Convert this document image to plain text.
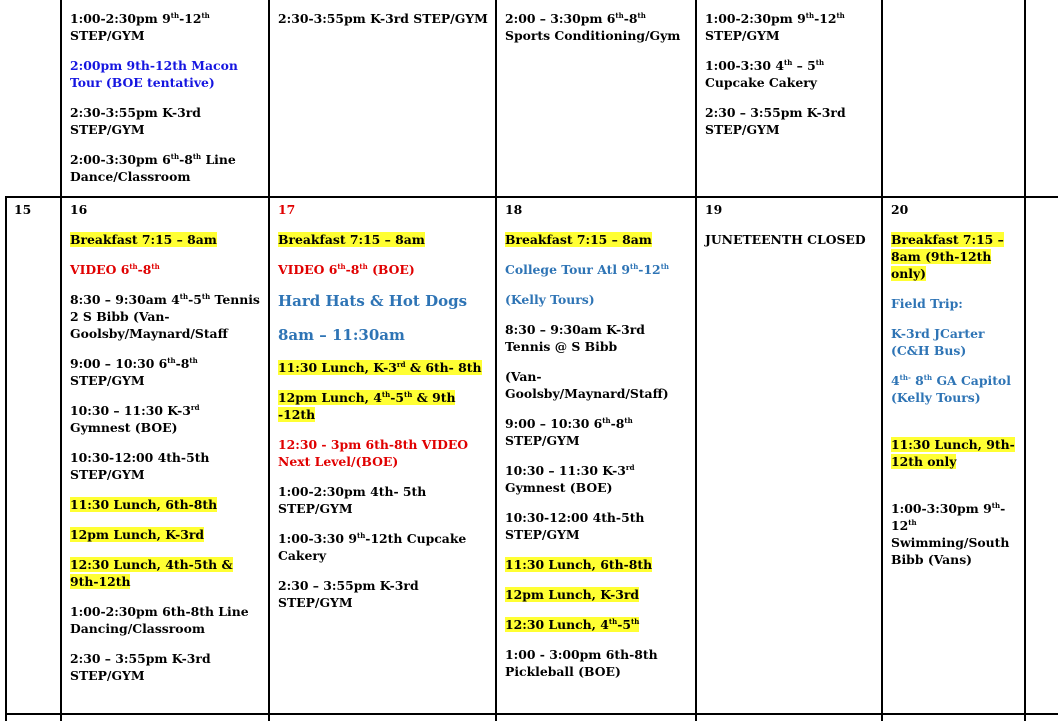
1:00-2:30pm 9th-12th STEP/GYM

2:00pm 9th-12th Macon Tour (BOE tentative)

2:30-3:55pm K-3rd STEP/GYM

2:00-3:30pm 6th-8th Line Dance/Classroom

2:30-3:55pm K-3rd STEP/GYM 2:00 – 3:30pm 6th-8th Sports Conditioning/Gym

1:00-2:30pm 9th-12th STEP/GYM

1:00-3:30 4th – 5th Cupcake Cakery

2:30 – 3:55pm K-3rd STEP/GYM

15	16

Breakfast 7:15 – 8am

VIDEO 6th-8th

8:30 – 9:30am 4th-5th Tennis 2 S Bibb (Van-Goolsby/Maynard/Staff

9:00 – 10:30 6th-8th STEP/GYM

10:30 – 11:30 K-3rd Gymnest (BOE)

10:30-12:00 4th-5th STEP/GYM

11:30 Lunch, 6th-8th

12pm Lunch, K-3rd

12:30 Lunch, 4th-5th & 9th-12th

1:00-2:30pm 6th-8th Line Dancing/Classroom

2:30 – 3:55pm K-3rd STEP/GYM

17

Breakfast 7:15 – 8am

VIDEO 6th-8th (BOE)

Hard Hats & Hot Dogs

8am – 11:30am

11:30 Lunch, K-3rd & 6th- 8th

12pm Lunch, 4th-5th & 9th -12th

12:30 - 3pm 6th-8th VIDEO Next Level/(BOE)

1:00-2:30pm 4th- 5th STEP/GYM

1:00-3:30 9th-12th Cupcake Cakery

2:30 – 3:55pm K-3rd STEP/GYM

18

Breakfast 7:15 – 8am

College Tour Atl 9th-12th

(Kelly Tours)

8:30 – 9:30am K-3rd Tennis @ S Bibb

(Van-Goolsby/Maynard/Staff)

9:00 – 10:30 6th-8th STEP/GYM

10:30 – 11:30 K-3rd Gymnest (BOE)

10:30-12:00 4th-5th STEP/GYM

11:30 Lunch, 6th-8th

12pm Lunch, K-3rd

12:30 Lunch, 4th-5th

1:00 - 3:00pm 6th-8th Pickleball (BOE)

19

JUNETEENTH CLOSED

20

Breakfast 7:15 – 8am (9th-12th only)

Field Trip:

K-3rd JCarter (C&H Bus)

$4^{th-}$ 8th GA Capitol (Kelly Tours)

11:30 Lunch, 9th-12th only

1:00-3:30pm 9th-12th Swimming/South Bibb (Vans)
